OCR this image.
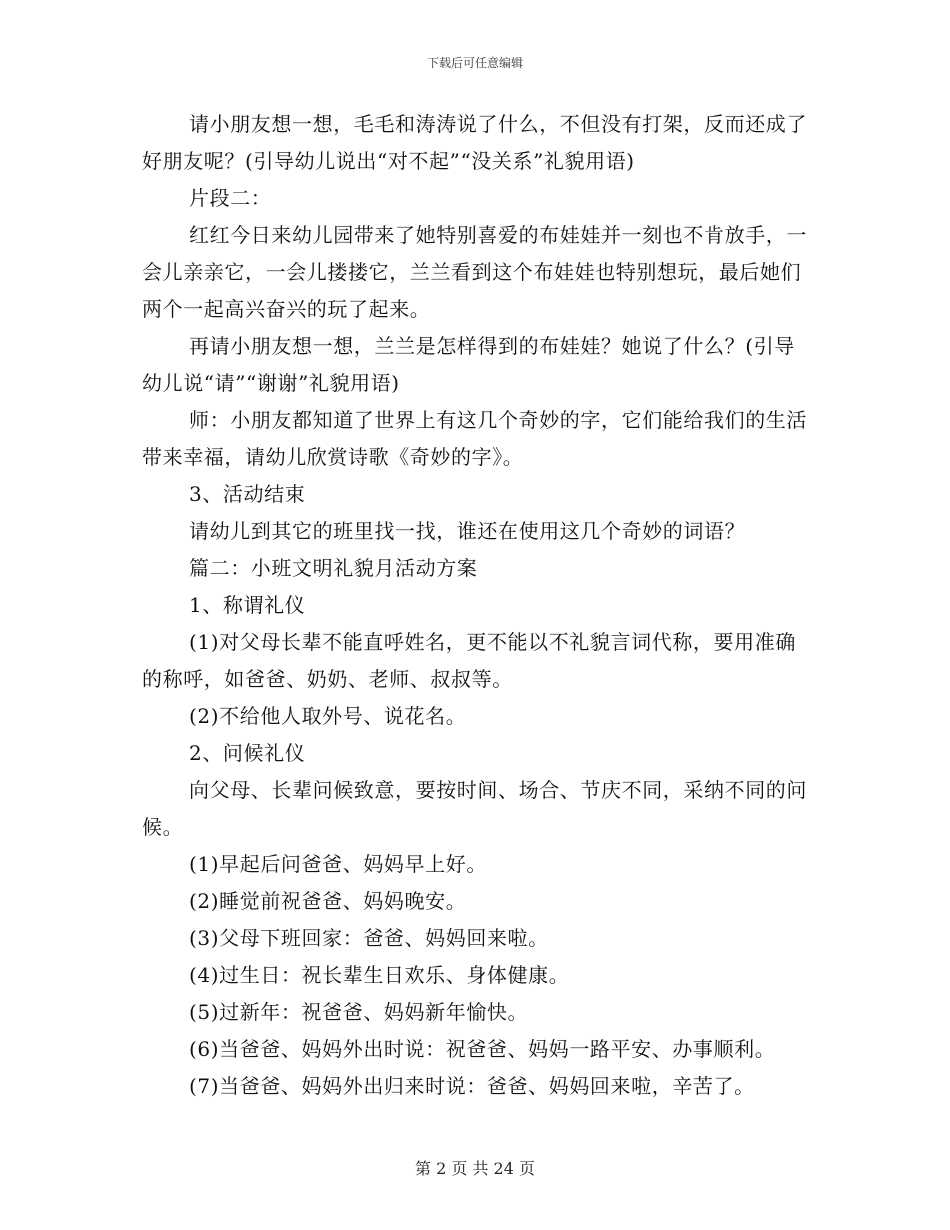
下载后可任意编辑

请小朋友想一想，毛毛和涛涛说了什么，不但没有打架，反而还成了好朋友呢？(引导幼儿说出“对不起”“没关系”礼貌用语)

片段二：

红红今日来幼儿园带来了她特别喜爱的布娃娃并一刻也不肯放手，一会儿亲亲它，一会儿搂搂它，兰兰看到这个布娃娃也特别想玩，最后她们两个一起高兴奋兴的玩了起来。

再请小朋友想一想，兰兰是怎样得到的布娃娃？她说了什么？(引导幼儿说“请”“谢谢”礼貌用语)

师：小朋友都知道了世界上有这几个奇妙的字，它们能给我们的生活带来幸福，请幼儿欣赏诗歌《奇妙的字》。

3、活动结束

请幼儿到其它的班里找一找，谁还在使用这几个奇妙的词语？

篇二：小班文明礼貌月活动方案

1、称谓礼仪

(1)对父母长辈不能直呼姓名，更不能以不礼貌言词代称，要用准确的称呼，如爸爸、奶奶、老师、叔叔等。

(2)不给他人取外号、说花名。

2、问候礼仪

向父母、长辈问候致意，要按时间、场合、节庆不同，采纳不同的问候。

(1)早起后问爸爸、妈妈早上好。

(2)睡觉前祝爸爸、妈妈晚安。

(3)父母下班回家：爸爸、妈妈回来啦。

(4)过生日：祝长辈生日欢乐、身体健康。

(5)过新年：祝爸爸、妈妈新年愉快。

(6)当爸爸、妈妈外出时说：祝爸爸、妈妈一路平安、办事顺利。

(7)当爸爸、妈妈外出归来时说：爸爸、妈妈回来啦，辛苦了。

第 2 页 共 24 页
